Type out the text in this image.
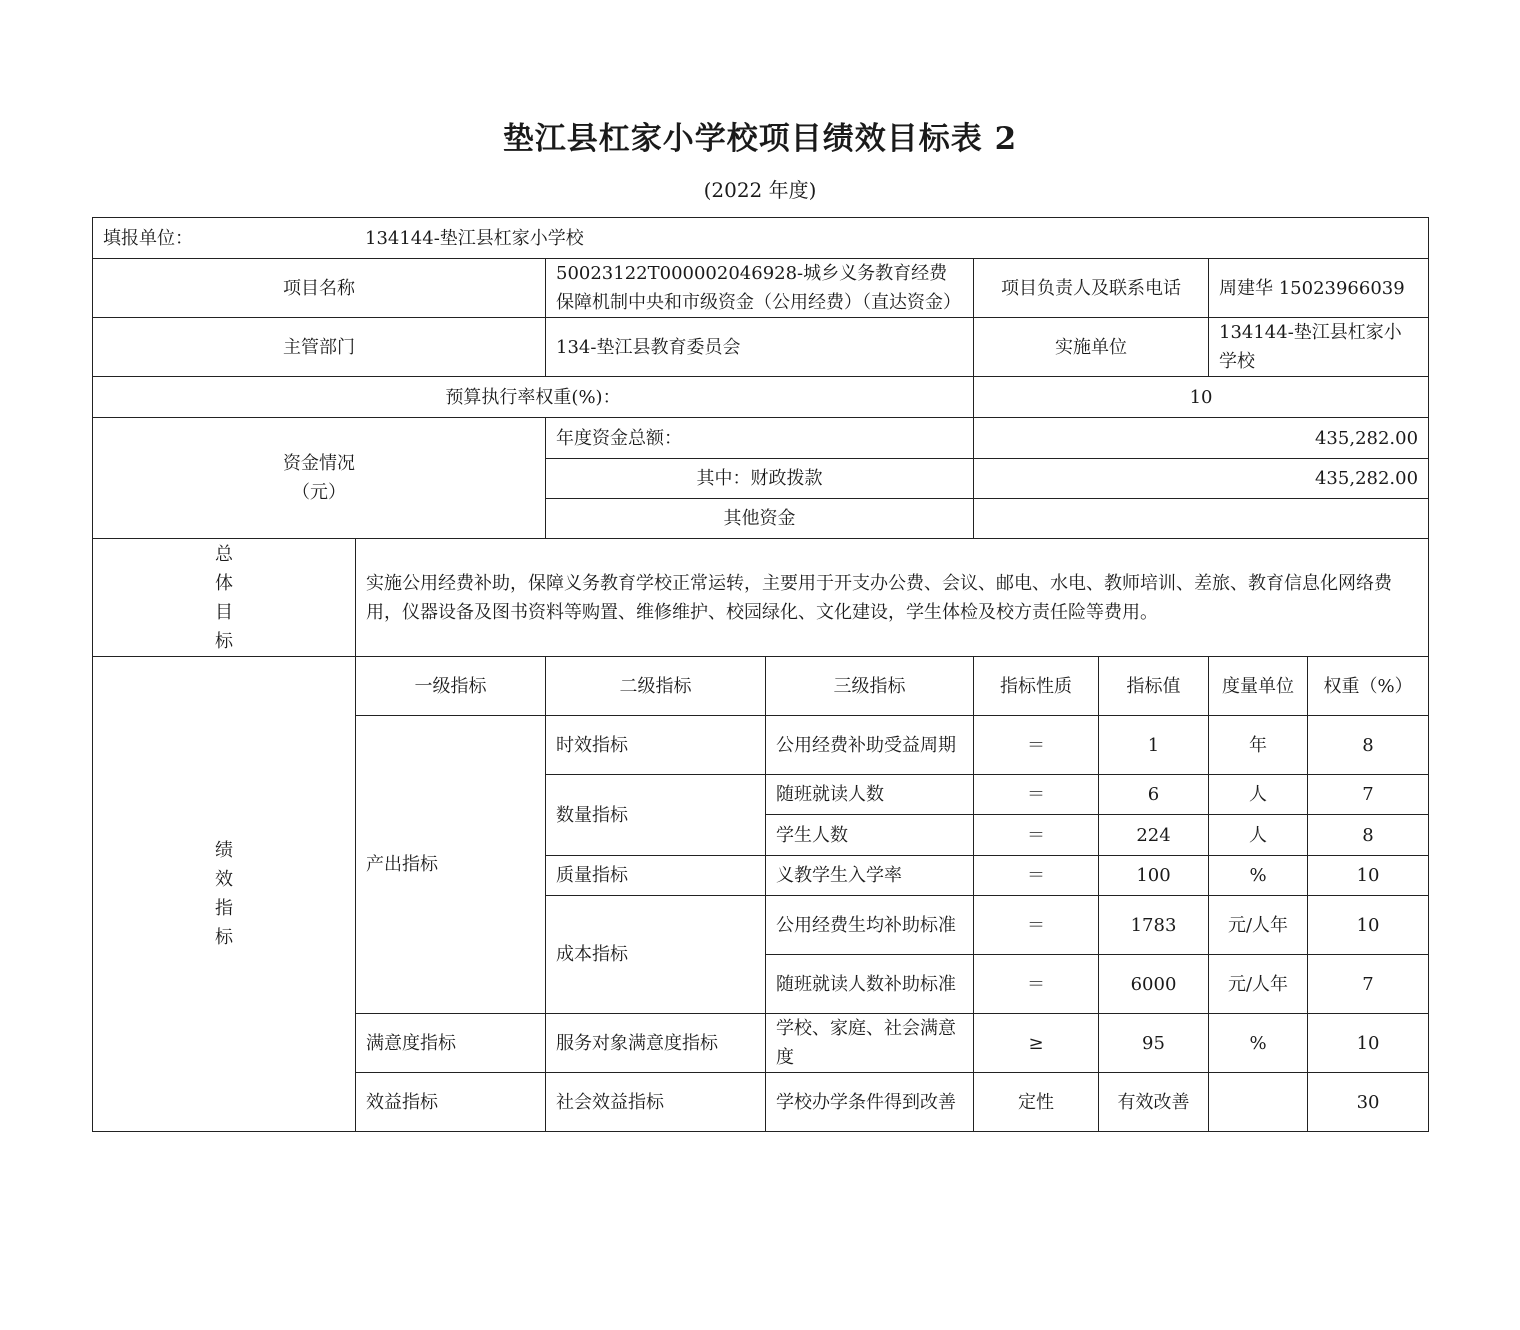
垫江县杠家小学校项目绩效目标表 2
(2022 年度)
填报单位： 134144-垫江县杠家小学校							
项目名称		50023122T000002046928-城乡义务教育经费保障机制中央和市级资金（公用经费）（直达资金）		项目负责人及联系电话		周建华 15023966039	
主管部门		134-垫江县教育委员会		实施单位		134144-垫江县杠家小学校	
预算执行率权重(%)：				10			

资金情况
（元）		年度资金总额：		435,282.00			
		其中：财政拨款		435,282.00			
		其他资金					

总
体
目
标	实施公用经费补助，保障义务教育学校正常运转，主要用于开支办公费、会议、邮电、水电、教师培训、差旅、教育信息化网络费用，仪器设备及图书资料等购置、维修维护、校园绿化、文化建设，学生体检及校方责任险等费用。						

绩
效
指
标	一级指标	二级指标	三级指标	指标性质	指标值	度量单位	权重（%）
	产出指标	时效指标	公用经费补助受益周期	＝	1	年	8
		数量指标	随班就读人数	＝	6	人	7
			学生人数	＝	224	人	8
		质量指标	义教学生入学率	＝	100	%	10
		成本指标	公用经费生均补助标准	＝	1783	元/人年	10
			随班就读人数补助标准	＝	6000	元/人年	7
	满意度指标	服务对象满意度指标	学校、家庭、社会满意度	≥	95	%	10
	效益指标	社会效益指标	学校办学条件得到改善	定性	有效改善		30
